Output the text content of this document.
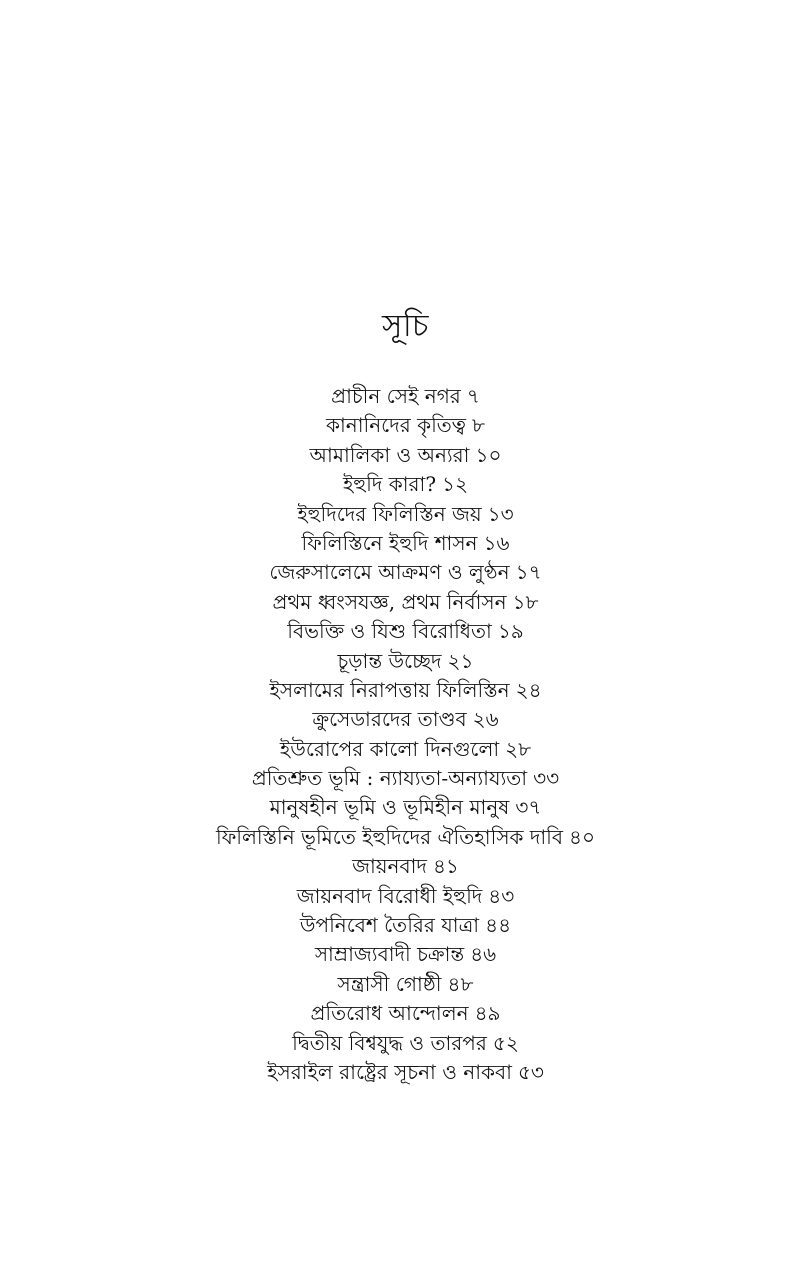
সূচি
প্রাচীন সেই নগর ৭
কানানিদের কৃতিত্ব ৮
আমালিকা ও অন্যরা ১০
ইহুদি কারা? ১২
ইহুদিদের ফিলিস্তিন জয় ১৩
ফিলিস্তিনে ইহুদি শাসন ১৬
জেরুসালেমে আক্রমণ ও লুণ্ঠন ১৭
প্রথম ধ্বংসযজ্ঞ, প্রথম নির্বাসন ১৮
বিভক্তি ও যিশু বিরোধিতা ১৯
চূড়ান্ত উচ্ছেদ ২১
ইসলামের নিরাপত্তায় ফিলিস্তিন ২৪
ক্রুসেডারদের তাণ্ডব ২৬
ইউরোপের কালো দিনগুলো ২৮
প্রতিশ্রুত ভূমি : ন্যায্যতা-অন্যায্যতা ৩৩
মানুষহীন ভূমি ও ভূমিহীন মানুষ ৩৭
ফিলিস্তিনি ভূমিতে ইহুদিদের ঐতিহাসিক দাবি ৪০
জায়নবাদ ৪১
জায়নবাদ বিরোধী ইহুদি ৪৩
উপনিবেশ তৈরির যাত্রা ৪৪
সাম্রাজ্যবাদী চক্রান্ত ৪৬
সন্ত্রাসী গোষ্ঠী ৪৮
প্রতিরোধ আন্দোলন ৪৯
দ্বিতীয় বিশ্বযুদ্ধ ও তারপর ৫২
ইসরাইল রাষ্ট্রের সূচনা ও নাকবা ৫৩
